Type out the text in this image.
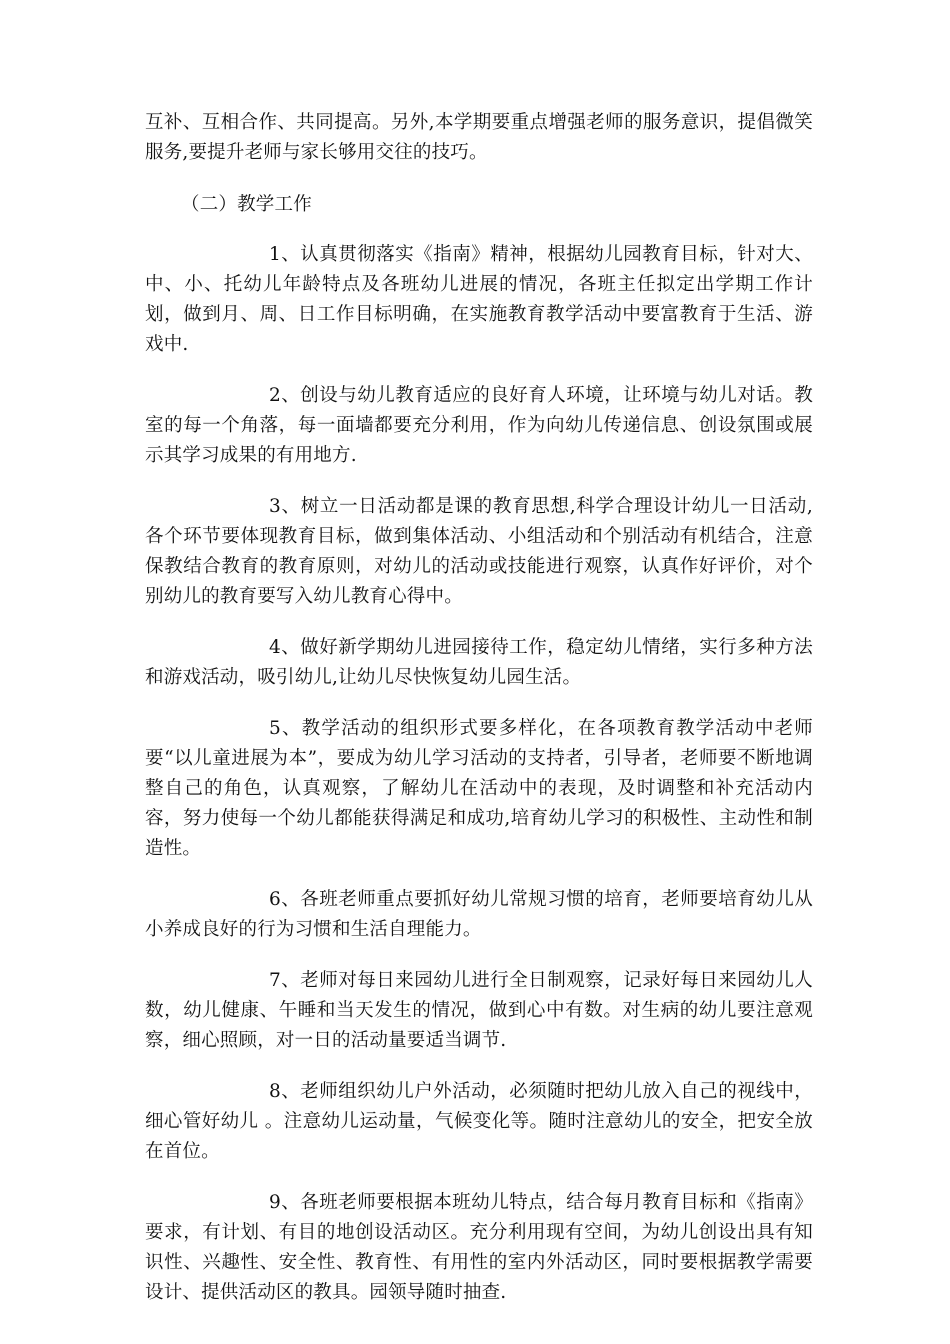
互补、互相合作、共同提高。另外,本学期要重点增强老师的服务意识，提倡微笑服务,要提升老师与家长够用交往的技巧。

（二）教学工作

1、认真贯彻落实《指南》精神，根据幼儿园教育目标，针对大、中、小、托幼儿年龄特点及各班幼儿进展的情况，各班主任拟定出学期工作计划，做到月、周、日工作目标明确，在实施教育教学活动中要富教育于生活、游戏中.

2、创设与幼儿教育适应的良好育人环境，让环境与幼儿对话。教室的每一个角落，每一面墙都要充分利用，作为向幼儿传递信息、创设氛围或展示其学习成果的有用地方.

3、树立一日活动都是课的教育思想,科学合理设计幼儿一日活动,各个环节要体现教育目标，做到集体活动、小组活动和个别活动有机结合，注意保教结合教育的教育原则，对幼儿的活动或技能进行观察，认真作好评价，对个别幼儿的教育要写入幼儿教育心得中。

4、做好新学期幼儿进园接待工作，稳定幼儿情绪，实行多种方法和游戏活动，吸引幼儿,让幼儿尽快恢复幼儿园生活。

5、教学活动的组织形式要多样化，在各项教育教学活动中老师要“以儿童进展为本”，要成为幼儿学习活动的支持者，引导者，老师要不断地调整自己的角色，认真观察，了解幼儿在活动中的表现，及时调整和补充活动内容，努力使每一个幼儿都能获得满足和成功,培育幼儿学习的积极性、主动性和制造性。

6、各班老师重点要抓好幼儿常规习惯的培育，老师要培育幼儿从小养成良好的行为习惯和生活自理能力。

7、老师对每日来园幼儿进行全日制观察，记录好每日来园幼儿人数，幼儿健康、午睡和当天发生的情况，做到心中有数。对生病的幼儿要注意观察，细心照顾，对一日的活动量要适当调节.

8、老师组织幼儿户外活动，必须随时把幼儿放入自己的视线中，细心管好幼儿 。注意幼儿运动量，气候变化等。随时注意幼儿的安全，把安全放在首位。

9、各班老师要根据本班幼儿特点，结合每月教育目标和《指南》要求，有计划、有目的地创设活动区。充分利用现有空间，为幼儿创设出具有知识性、兴趣性、安全性、教育性、有用性的室内外活动区，同时要根据教学需要设计、提供活动区的教具。园领导随时抽查.
